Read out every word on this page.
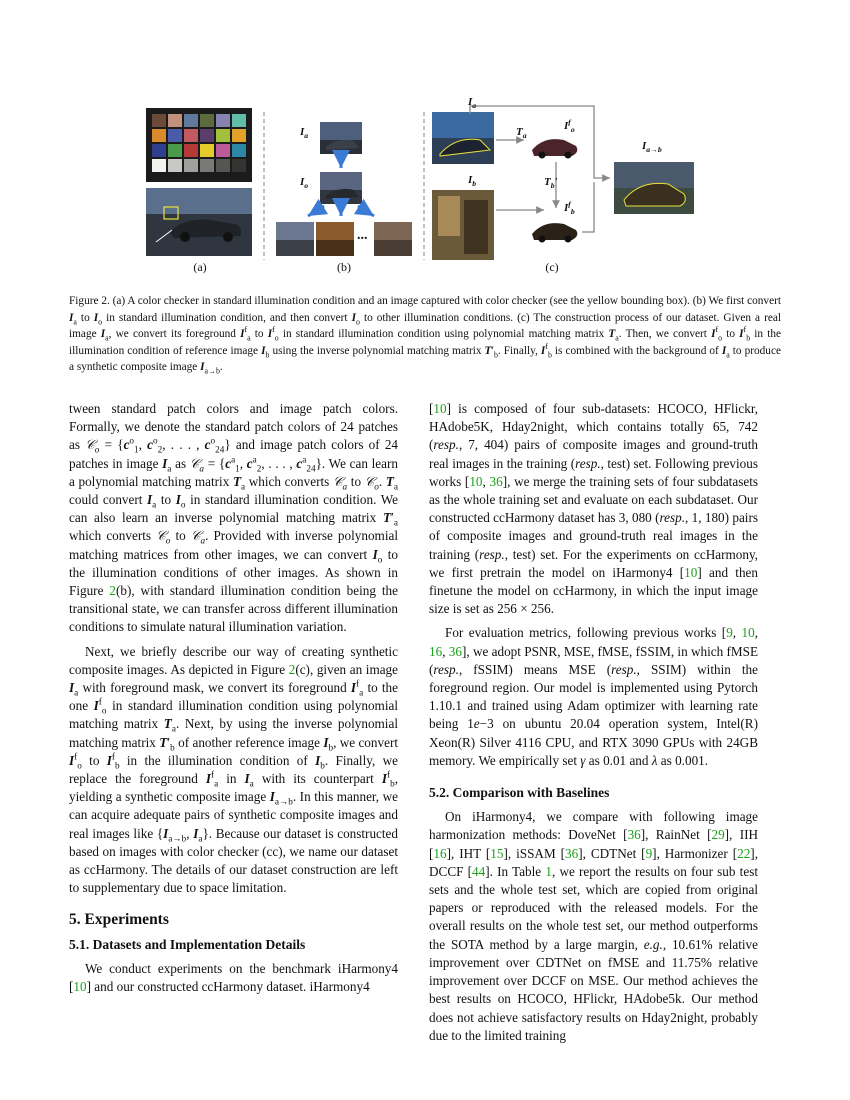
(a)	(b)	(c)
$I_a$
$I_o$
...
$I_a$
$I_b$
$T_a$
$T_b'$
$I^f_o$
$I^f_b$
$I_{a\to b}$
Figure 2. (a) A color checker in standard illumination condition and an image captured with color checker (see the yellow bounding box). (b) We first convert $I_a$ to $I_o$ in standard illumination condition, and then convert $I_o$ to other illumination conditions. (c) The construction process of our dataset. Given a real image $I_a$, we convert its foreground $I^f_a$ to $I^f_o$ in standard illumination condition using polynomial matching matrix $T_a$. Then, we convert $I^f_o$ to $I^f_b$ in the illumination condition of reference image $I_b$ using the inverse polynomial matching matrix $T'_b$. Finally, $I^f_b$ is combined with the background of $I_a$ to produce a synthetic composite image $I_{a\to b}$.

tween standard patch colors and image patch colors. Formally, we denote the standard patch colors of 24 patches as 𝒞$_o$ = {$c^o_1$, $c^o_2$, . . . , $c^o_{24}$} and image patch colors of 24 patches in image $I_a$ as 𝒞$_a$ = {$c^a_1$, $c^a_2$, . . . , $c^a_{24}$}. We can learn a polynomial matching matrix $T_a$ which converts 𝒞$_a$ to 𝒞$_o$. $T_a$ could convert $I_a$ to $I_o$ in standard illumination condition. We can also learn an inverse polynomial matching matrix $T'_a$ which converts 𝒞$_o$ to 𝒞$_a$. Provided with inverse polynomial matching matrices from other images, we can convert $I_o$ to the illumination conditions of other images. As shown in Figure 2(b), with standard illumination condition being the transitional state, we can transfer across different illumination conditions to simulate natural illumination variation.

Next, we briefly describe our way of creating synthetic composite images. As depicted in Figure 2(c), given an image $I_a$ with foreground mask, we convert its foreground $I^f_a$ to the one $I^f_o$ in standard illumination condition using polynomial matching matrix $T_a$. Next, by using the inverse polynomial matching matrix $T'_b$ of another reference image $I_b$, we convert $I^f_o$ to $I^f_b$ in the illumination condition of $I_b$. Finally, we replace the foreground $I^f_a$ in $I_a$ with its counterpart $I^f_b$, yielding a synthetic composite image $I_{a\to b}$. In this manner, we can acquire adequate pairs of synthetic composite images and real images like {$I_{a\to b}$, $I_a$}. Because our dataset is constructed based on images with color checker (cc), we name our dataset as ccHarmony. The details of our dataset construction are left to supplementary due to space limitation.

5. Experiments
5.1. Datasets and Implementation Details

We conduct experiments on the benchmark iHarmony4 [10] and our constructed ccHarmony dataset. iHarmony4

[10] is composed of four sub-datasets: HCOCO, HFlickr, HAdobe5K, Hday2night, which contains totally 65, 742 (resp., 7, 404) pairs of composite images and ground-truth real images in the training (resp., test) set. Following previous works [10, 36], we merge the training sets of four subdatasets as the whole training set and evaluate on each subdataset. Our constructed ccHarmony dataset has 3, 080 (resp., 1, 180) pairs of composite images and ground-truth real images in the training (resp., test) set. For the experiments on ccHarmony, we first pretrain the model on iHarmony4 [10] and then finetune the model on ccHarmony, in which the input image size is set as 256 × 256.

For evaluation metrics, following previous works [9, 10, 16, 36], we adopt PSNR, MSE, fMSE, fSSIM, in which fMSE (resp., fSSIM) means MSE (resp., SSIM) within the foreground region. Our model is implemented using Pytorch 1.10.1 and trained using Adam optimizer with learning rate being 1e−3 on ubuntu 20.04 operation system, Intel(R) Xeon(R) Silver 4116 CPU, and RTX 3090 GPUs with 24GB memory. We empirically set γ as 0.01 and λ as 0.001.

5.2. Comparison with Baselines

On iHarmony4, we compare with following image harmonization methods: DoveNet [36], RainNet [29], IIH [16], IHT [15], iSSAM [36], CDTNet [9], Harmonizer [22], DCCF [44]. In Table 1, we report the results on four sub test sets and the whole test set, which are copied from original papers or reproduced with the released models. For the overall results on the whole test set, our method outperforms the SOTA method by a large margin, e.g., 10.61% relative improvement over CDTNet on fMSE and 11.75% relative improvement over DCCF on MSE. Our method achieves the best results on HCOCO, HFlickr, HAdobe5k. Our method does not achieve satisfactory results on Hday2night, probably due to the limited training
